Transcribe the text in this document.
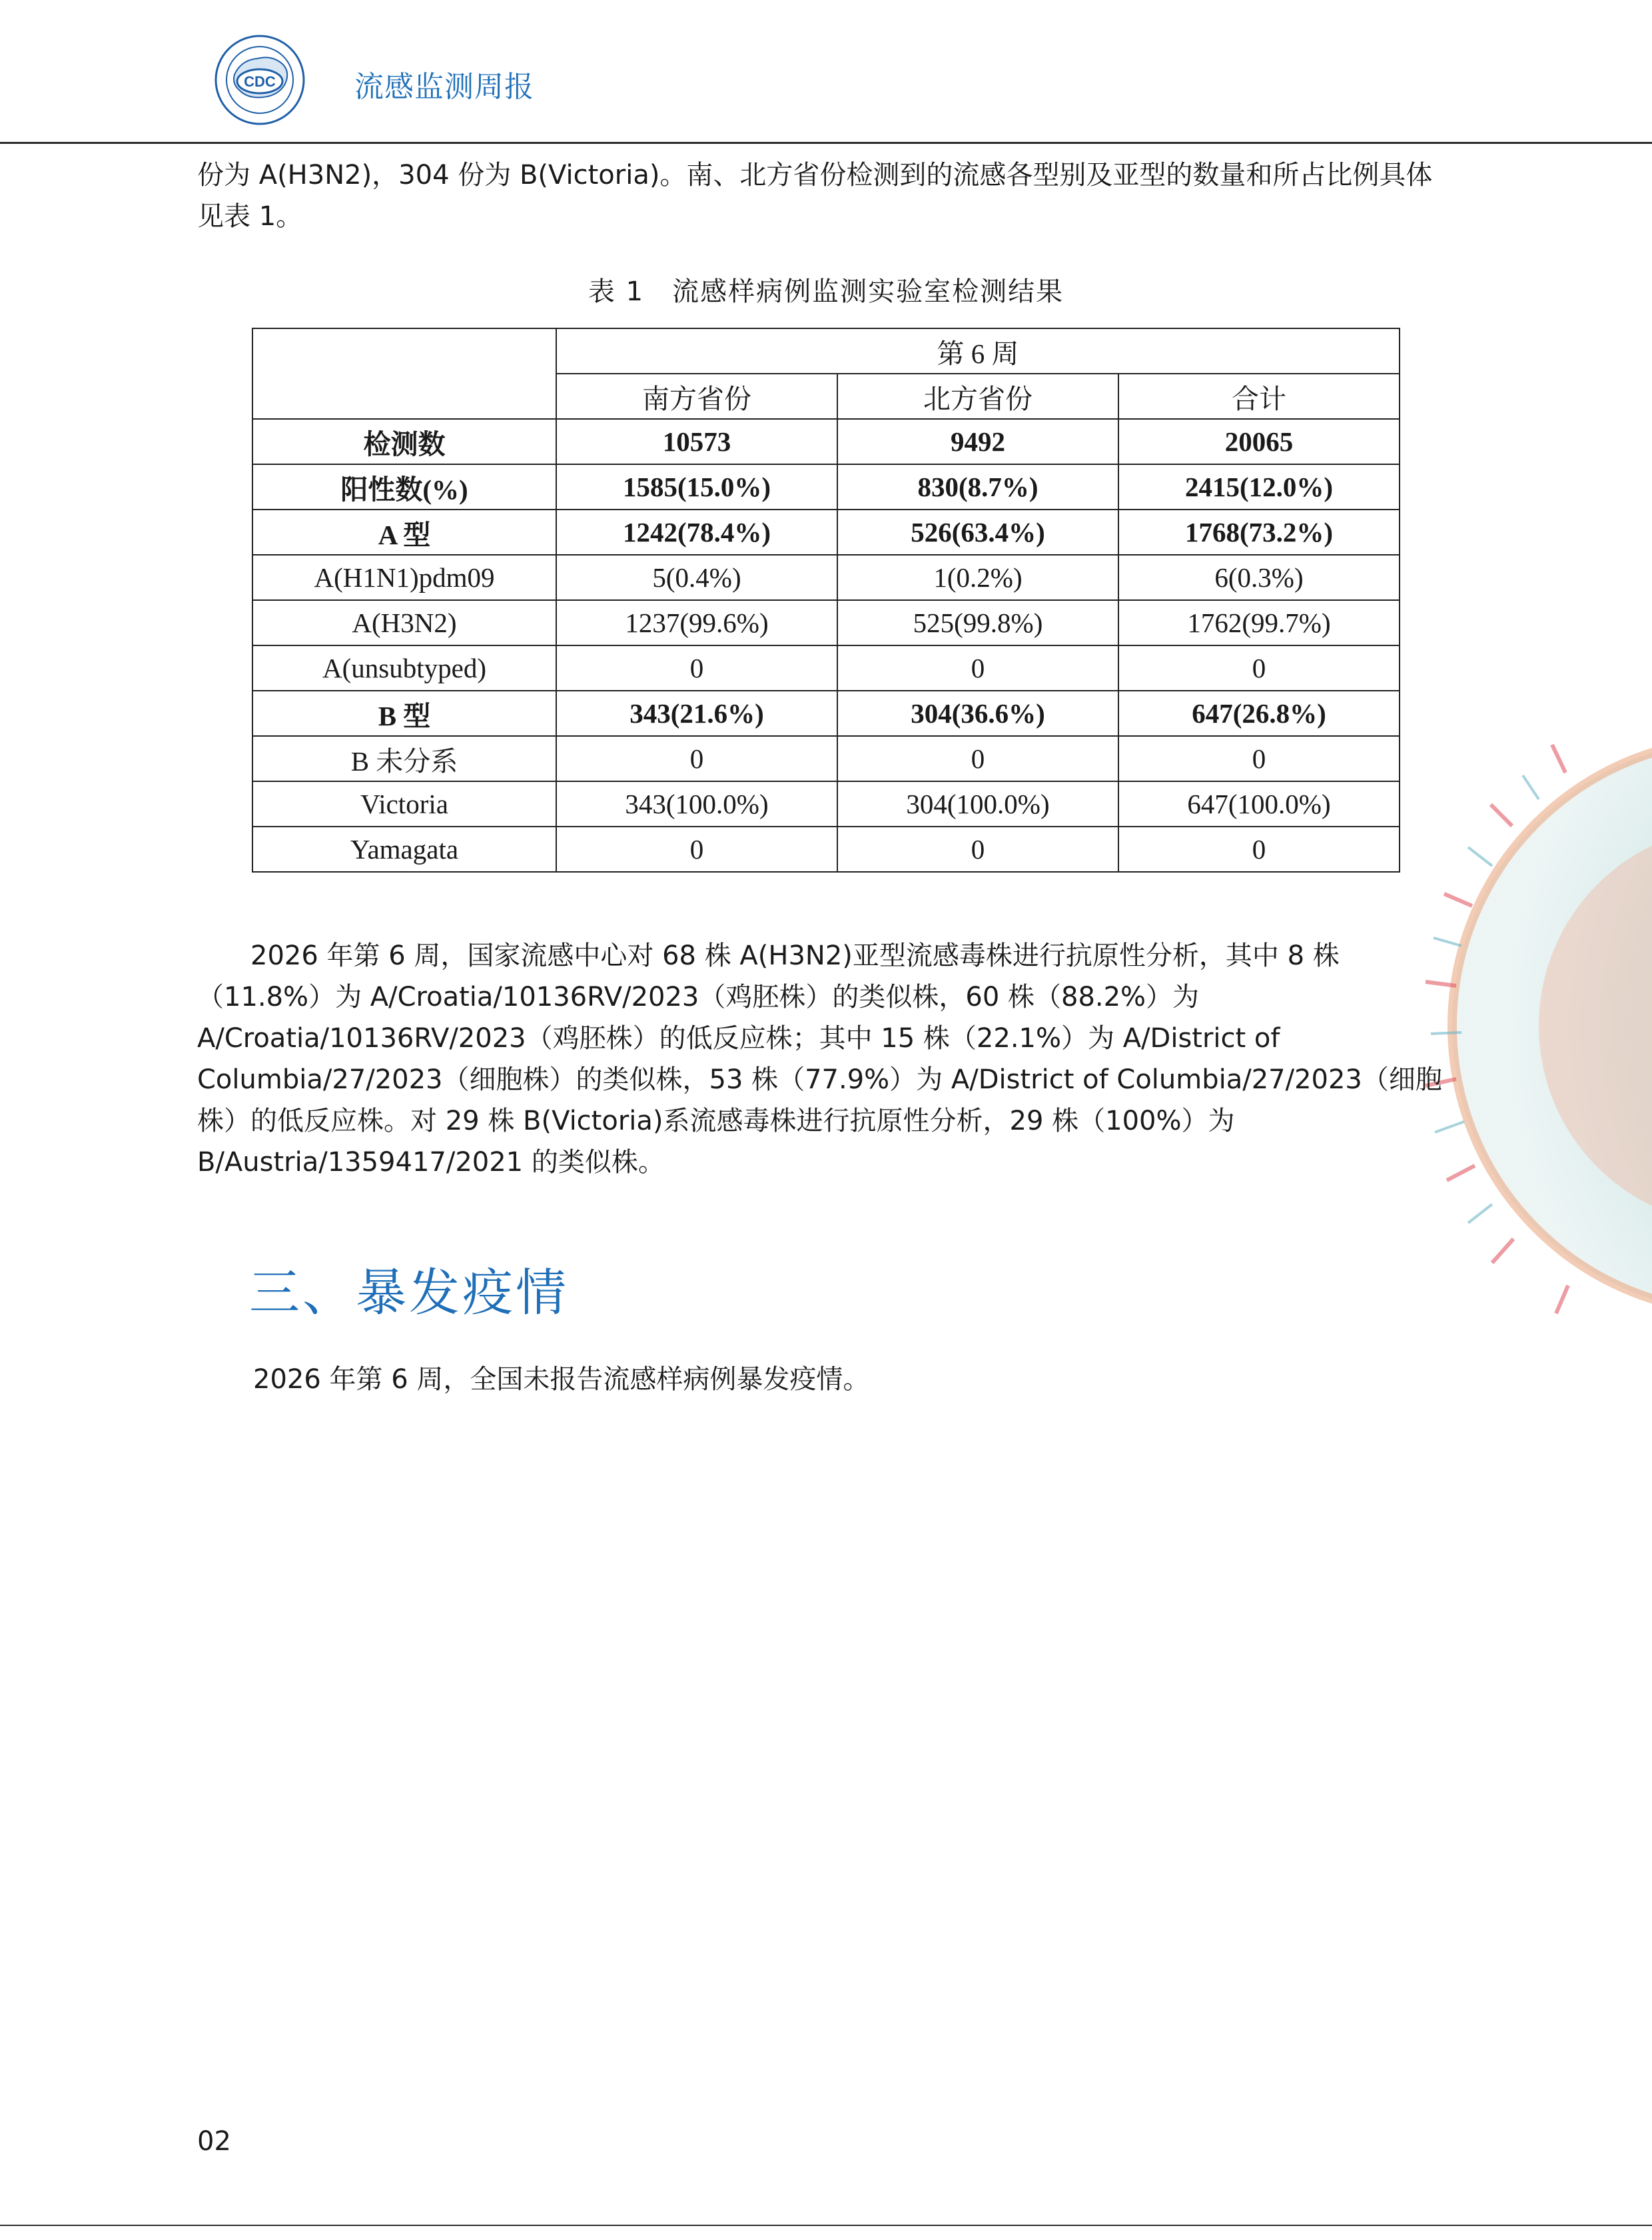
CDC	流感监测周报
份为 A(H3N2)，304 份为 B(Victoria)。南、北方省份检测到的流感各型别及亚型的数量和所占比例具体见表 1。
表 1　流感样病例监测实验室检测结果
	第 6 周		
	南方省份	北方省份	合计
检测数	10573	9492	20065
阳性数(%)	1585(15.0%)	830(8.7%)	2415(12.0%)
A 型	1242(78.4%)	526(63.4%)	1768(73.2%)
A(H1N1)pdm09	5(0.4%)	1(0.2%)	6(0.3%)
A(H3N2)	1237(99.6%)	525(99.8%)	1762(99.7%)
A(unsubtyped)	0	0	0
B 型	343(21.6%)	304(36.6%)	647(26.8%)
B 未分系	0	0	0
Victoria	343(100.0%)	304(100.0%)	647(100.0%)
Yamagata	0	0	0
2026 年第 6 周，国家流感中心对 68 株 A(H3N2)亚型流感毒株进行抗原性分析，其中 8 株（11.8%）为 A/Croatia/10136RV/2023（鸡胚株）的类似株，60 株（88.2%）为 A/Croatia/10136RV/2023（鸡胚株）的低反应株；其中 15 株（22.1%）为 A/District of Columbia/27/2023（细胞株）的类似株，53 株（77.9%）为 A/District of Columbia/27/2023（细胞株）的低反应株。对 29 株 B(Victoria)系流感毒株进行抗原性分析，29 株（100%）为 B/Austria/1359417/2021 的类似株。
三、暴发疫情
2026 年第 6 周，全国未报告流感样病例暴发疫情。
02
